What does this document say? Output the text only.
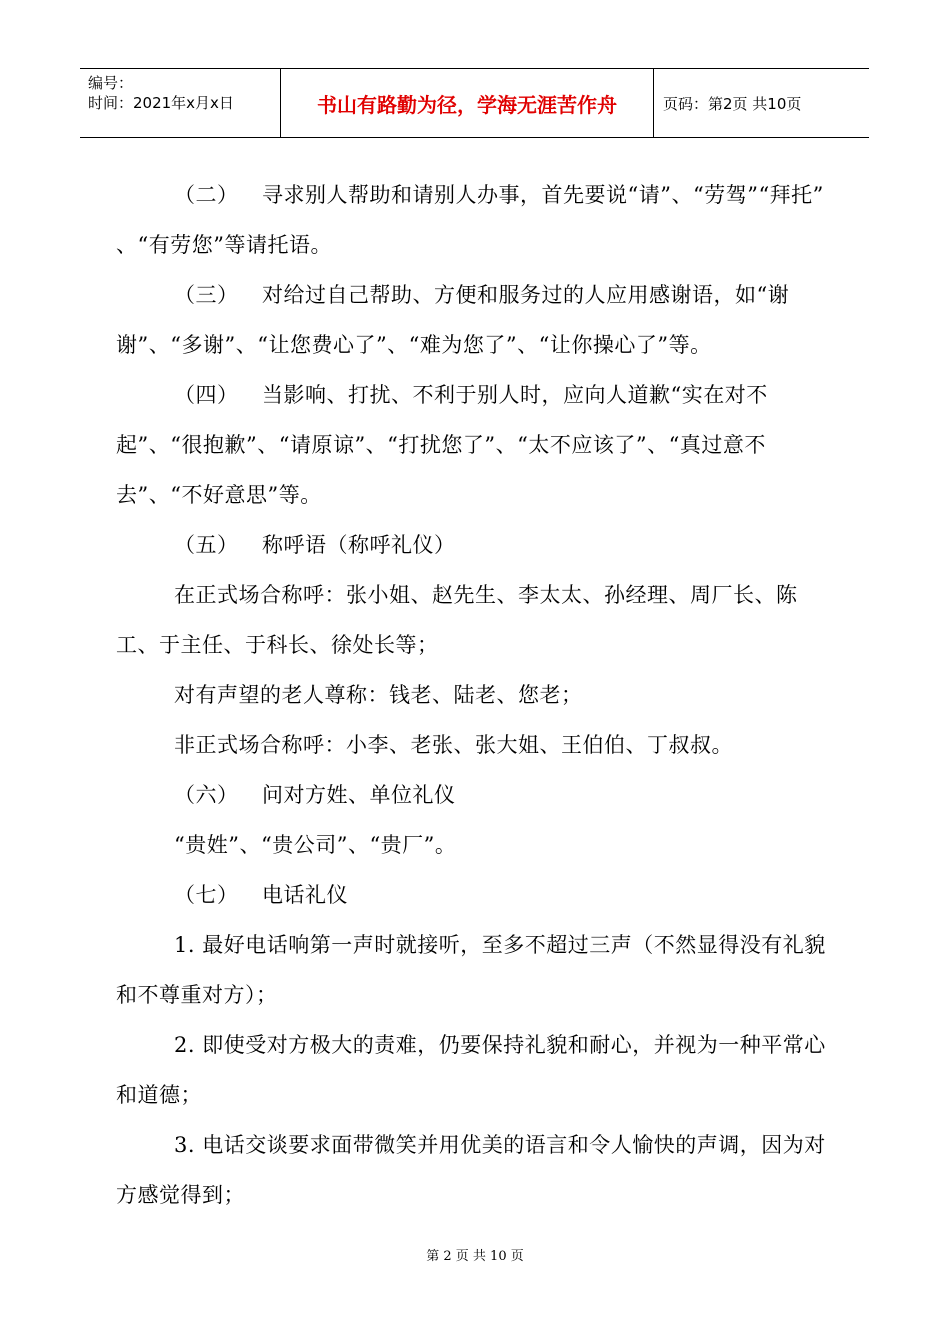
编号：
时间：2021年x月x日	书山有路勤为径，学海无涯苦作舟	页码：第2页 共10页

（二） 寻求别人帮助和请别人办事，首先要说“请”、“劳驾”“拜托” 、“有劳您”等请托语。

（三） 对给过自己帮助、方便和服务过的人应用感谢语，如“谢谢”、“多谢”、“让您费心了”、“难为您了”、“让你操心了”等。

（四） 当影响、打扰、不利于别人时，应向人道歉“实在对不起”、“很抱歉”、“请原谅”、“打扰您了”、“太不应该了”、“真过意不去”、“不好意思”等。

（五） 称呼语（称呼礼仪）

在正式场合称呼：张小姐、赵先生、李太太、孙经理、周厂长、陈工、于主任、于科长、徐处长等；

对有声望的老人尊称：钱老、陆老、您老；

非正式场合称呼：小李、老张、张大姐、王伯伯、丁叔叔。

（六） 问对方姓、单位礼仪

“贵姓”、“贵公司”、“贵厂”。

（七） 电话礼仪

1. 最好电话响第一声时就接听，至多不超过三声（不然显得没有礼貌和不尊重对方）；

2. 即使受对方极大的责难，仍要保持礼貌和耐心，并视为一种平常心和道德；

3. 电话交谈要求面带微笑并用优美的语言和令人愉快的声调，因为对方感觉得到；

第 2 页 共 10 页
